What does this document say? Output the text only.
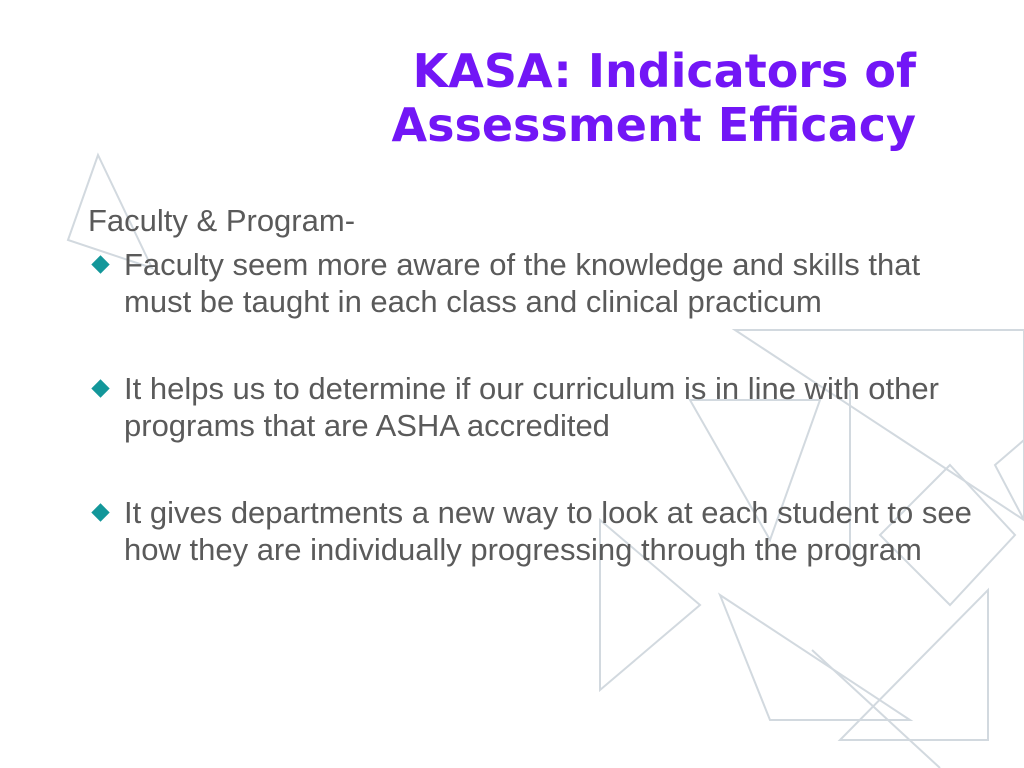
KASA: Indicators of
Assessment Efficacy

Faculty & Program-

Faculty seem more aware of the knowledge and skills that must be taught in each class and clinical practicum
It helps us to determine if our curriculum is in line with other programs that are ASHA accredited
It gives departments a new way to look at each student to see how they are individually progressing through the program
